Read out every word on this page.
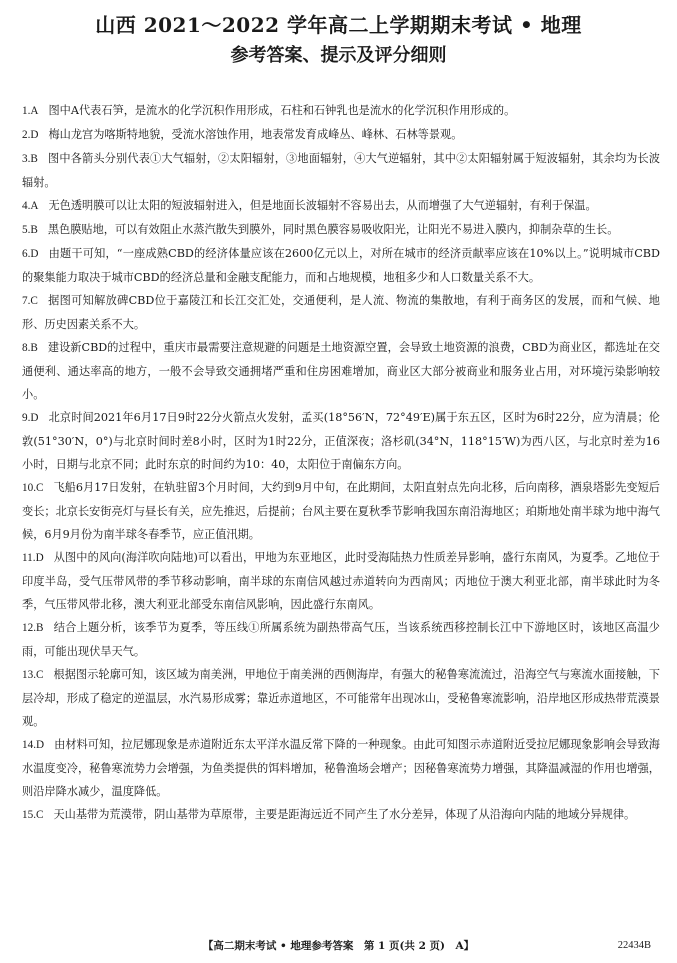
山西 2021～2022 学年高二上学期期末考试 • 地理
参考答案、提示及评分细则
1.A 图中A代表石笋，是流水的化学沉积作用形成，石柱和石钟乳也是流水的化学沉积作用形成的。
2.D 梅山龙宫为喀斯特地貌，受流水溶蚀作用，地表常发育成峰丛、峰林、石林等景观。
3.B 图中各箭头分别代表①大气辐射，②太阳辐射，③地面辐射，④大气逆辐射，其中②太阳辐射属于短波辐射，其余均为长波辐射。
4.A 无色透明膜可以让太阳的短波辐射进入，但是地面长波辐射不容易出去，从而增强了大气逆辐射，有利于保温。
5.B 黑色膜贴地，可以有效阻止水蒸汽散失到膜外，同时黑色膜容易吸收阳光，让阳光不易进入膜内，抑制杂草的生长。
6.D 由题干可知，“一座成熟CBD的经济体量应该在2600亿元以上，对所在城市的经济贡献率应该在10%以上。”说明城市CBD的聚集能力取决于城市CBD的经济总量和金融支配能力，而和占地规模，地租多少和人口数量关系不大。
7.C 据图可知解放碑CBD位于嘉陵江和长江交汇处，交通便利，是人流、物流的集散地，有利于商务区的发展，而和气候、地形、历史因素关系不大。
8.B 建设新CBD的过程中，重庆市最需要注意规避的问题是土地资源空置，会导致土地资源的浪费，CBD为商业区，都选址在交通便利、通达率高的地方，一般不会导致交通拥堵严重和住房困难增加，商业区大部分被商业和服务业占用，对环境污染影响较小。
9.D 北京时间2021年6月17日9时22分火箭点火发射，孟买(18°56′N，72°49′E)属于东五区，区时为6时22分，应为清晨；伦敦(51°30′N，0°)与北京时间时差8小时，区时为1时22分，正值深夜；洛杉矶(34°N，118°15′W)为西八区，与北京时差为16小时，日期与北京不同；此时东京的时间约为10：40，太阳位于南偏东方向。
10.C 飞船6月17日发射，在轨驻留3个月时间，大约到9月中旬，在此期间，太阳直射点先向北移，后向南移，酒泉塔影先变短后变长；北京长安街亮灯与昼长有关，应先推迟，后提前；台风主要在夏秋季节影响我国东南沿海地区；珀斯地处南半球为地中海气候，6月9月份为南半球冬春季节，应正值汛期。
11.D 从图中的风向(海洋吹向陆地)可以看出，甲地为东亚地区，此时受海陆热力性质差异影响，盛行东南风，为夏季。乙地位于印度半岛，受气压带风带的季节移动影响，南半球的东南信风越过赤道转向为西南风；丙地位于澳大利亚北部，南半球此时为冬季，气压带风带北移，澳大利亚北部受东南信风影响，因此盛行东南风。
12.B 结合上题分析，该季节为夏季，等压线①所属系统为副热带高气压，当该系统西移控制长江中下游地区时，该地区高温少雨，可能出现伏旱天气。
13.C 根据图示轮廓可知，该区域为南美洲，甲地位于南美洲的西侧海岸，有强大的秘鲁寒流流过，沿海空气与寒流水面接触，下层冷却，形成了稳定的逆温层，水汽易形成雾；靠近赤道地区，不可能常年出现冰山，受秘鲁寒流影响，沿岸地区形成热带荒漠景观。
14.D 由材料可知，拉尼娜现象是赤道附近东太平洋水温反常下降的一种现象。由此可知图示赤道附近受拉尼娜现象影响会导致海水温度变冷，秘鲁寒流势力会增强，为鱼类提供的饵料增加，秘鲁渔场会增产；因秘鲁寒流势力增强，其降温减湿的作用也增强，则沿岸降水减少，温度降低。
15.C 天山基带为荒漠带，阴山基带为草原带，主要是距海远近不同产生了水分差异，体现了从沿海向内陆的地域分异规律。
【高二期末考试 • 地理参考答案　第 1 页(共 2 页)　A】	22434B
